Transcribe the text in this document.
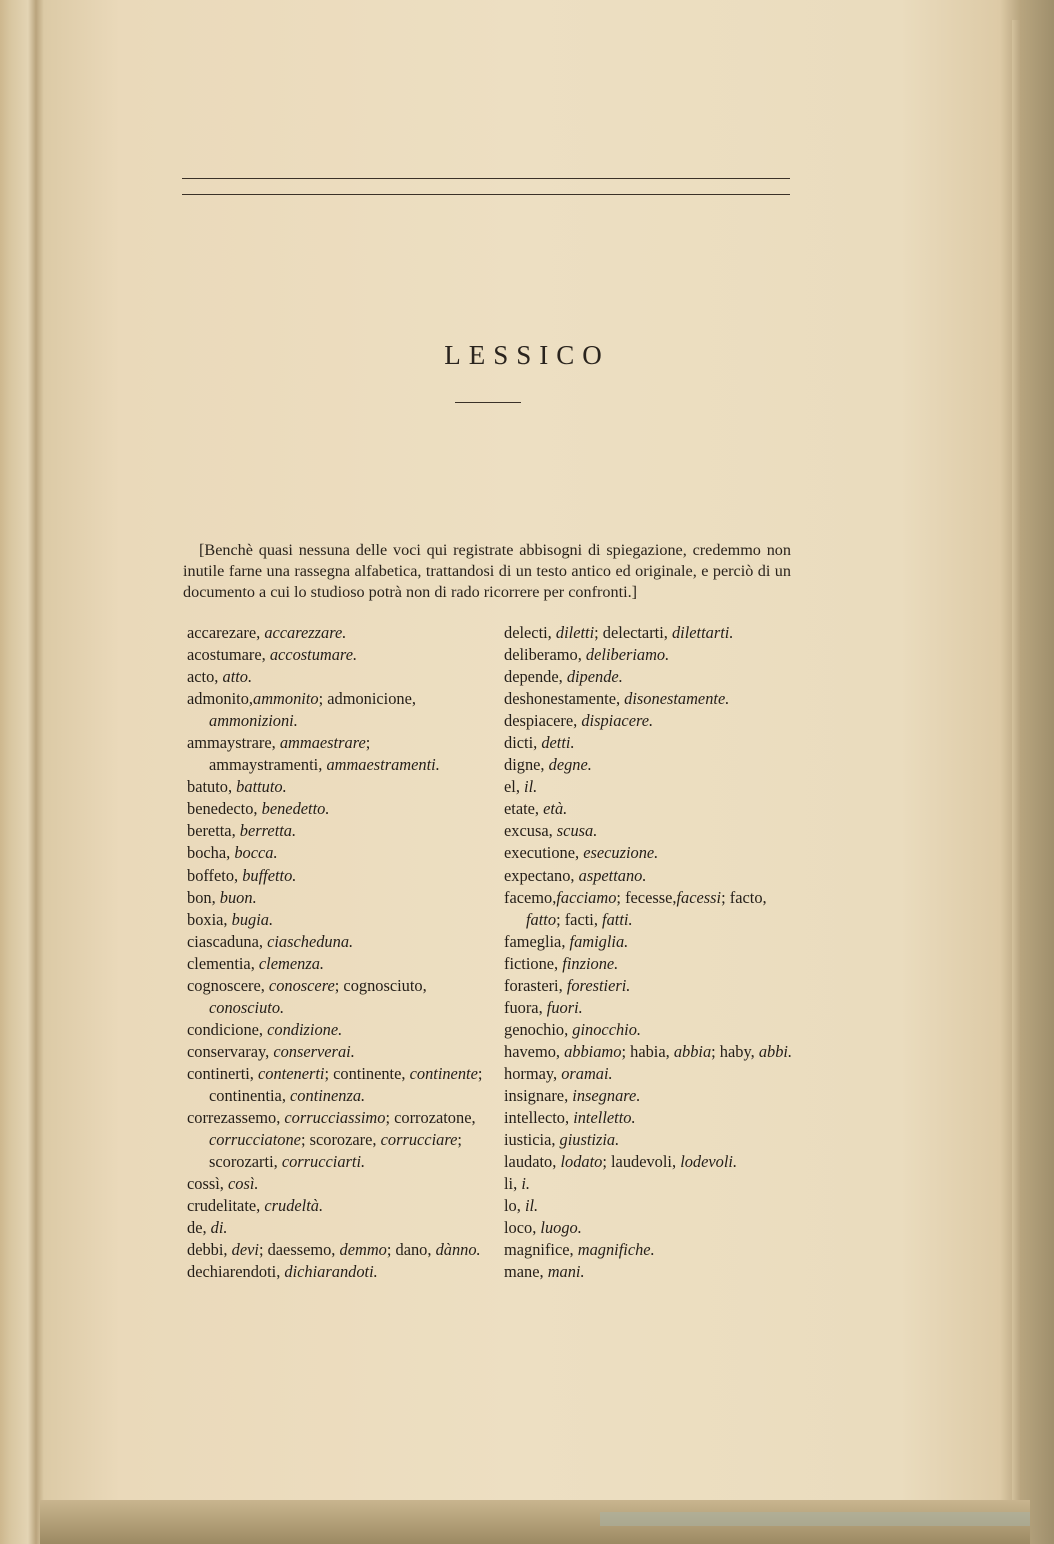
LESSICO

[Benchè quasi nessuna delle voci qui registrate abbisogni di spiegazione, credemmo non inutile farne una rassegna alfabetica, trattandosi di un testo antico ed originale, e perciò di un documento a cui lo studioso potrà non di rado ricorrere per confronti.]

accarezare, accarezzare.
acostumare, accostumare.
acto, atto.
admonito,ammonito; admonicione, ammonizioni.
ammaystrare, ammaestrare; ammaystramenti, ammaestramenti.
batuto, battuto.
benedecto, benedetto.
beretta, berretta.
bocha, bocca.
boffeto, buffetto.
bon, buon.
boxia, bugia.
ciascaduna, ciascheduna.
clementia, clemenza.
cognoscere, conoscere; cognosciuto, conosciuto.
condicione, condizione.
conservaray, conserverai.
continerti, contenerti; continente, continente; continentia, continenza.
correzassemo, corrucciassimo; corrozatone, corrucciatone; scorozare, corrucciare; scorozarti, corrucciarti.
cossì, così.
crudelitate, crudeltà.
de, di.
debbi, devi; daessemo, demmo; dano, dànno.
dechiarendoti, dichiarandoti.
delecti, diletti; delectarti, dilettarti.
deliberamo, deliberiamo.
depende, dipende.
deshonestamente, disonestamente.
despiacere, dispiacere.
dicti, detti.
digne, degne.
el, il.
etate, età.
excusa, scusa.
executione, esecuzione.
expectano, aspettano.
facemo,facciamo; fecesse,facessi; facto, fatto; facti, fatti.
fameglia, famiglia.
fictione, finzione.
forasteri, forestieri.
fuora, fuori.
genochio, ginocchio.
havemo, abbiamo; habia, abbia; haby, abbi.
hormay, oramai.
insignare, insegnare.
intellecto, intelletto.
iusticia, giustizia.
laudato, lodato; laudevoli, lodevoli.
li, i.
lo, il.
loco, luogo.
magnifice, magnifiche.
mane, mani.
